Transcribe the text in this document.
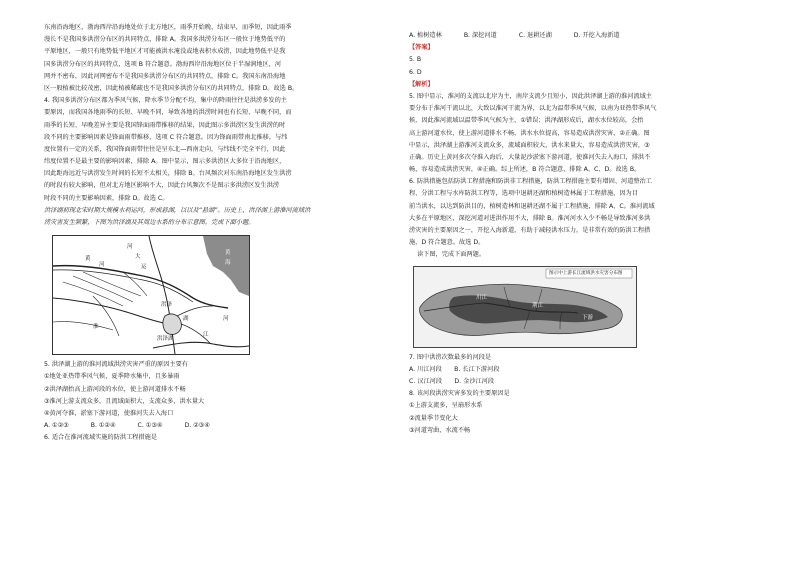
东南沿海地区，渤海西岸沿海地处位于北方地区，雨季开始晚、结束早，而季短，因此雨季
漫长不是我国多洪涝分布区的共同特点，排除 A。我国多洪涝分布区一般位于地势低平的
平原地区，一般只有地势低平地区才可能被洪水淹没或地表积水成涝，因此地势低平是我
国多洪涝分布区的共同特点，选项 B 符合题意。渤海西岸沿海地区位于半湿润地区，河
网并不密布，因此河网密布不是我国多洪涝分布区的共同特点，排除 C。我国东南沿海地
区一般植被比较茂密，因此植被稀疏也不是我国多洪涝分布区的共同特点，排除 D。故选 B。
4. 我国多洪涝分布区都为季风气候，降水季节分配不均，集中的降雨往往是洪涝多发的主
要原因，而我国各地雨季的长短、早晚不同，导致各地的洪涝时间也有长短、早晚不同，而
雨季的长短、早晚差异主要是我国锋面雨带推移的结果，因此图示多洪涝区发生洪涝的时
段不同的主要影响因素是锋面雨带推移，选项 C 符合题意。因为锋面雨带南北推移，与纬
度位置有一定的关系，我国锋面雨带往往是呈东北—西南走向，与纬线不完全平行，因此
纬度位置不是最主要的影响因素，排除 A。图中显示，图示多洪涝区大多位于沿海地区，
因此距海远近与洪涝发生时间的长短不太相关，排除 B。台风频次对东南沿海地区发生洪涝
的时段有较大影响，但对北方地区影响不大，因此台风频次不是图示多洪涝区发生洪涝
时段不同的主要影响因素，排除 D。故选 C。
洪泽湖初现北宋时期大规模水利运河，形成悬湖，以以及“悬湖”。历史上，洪泽湖上游淮河流域洪
涝灾害发生频繁，下图为洪泽湖及其周边水系的分布示意图。完成下面小题。
河
大
运
黄
河
淮
洪泽
洪泽湖
湖
江
河
黄
海
5. 洪泽湖上游的淮河流域洪涝灾害严重的原因主要有
①地处亚热带季风气候，夏季降水集中，且多暴雨
②洪泽湖抬高上游河段的水位，使上游河道排水不畅
③淮河上游支流众多，且流域面积大，支流众多，洪水量大
④黄河夺淮，淤塞下游河道，使淮河失去入海口
A. ①②③	B. ①②④	C. ①③④	D. ②③④
6. 适合在淮河流域实施的防洪工程措施是
A. 植树造林	B. 深挖河道	C. 退耕还湖	D. 开挖入海新道
【答案】
5. B
6. D
【解析】
5. 图中显示，淮河的支流以北岸为主，南岸支流少且短小，因此洪泽湖上游的淮河流域主
要分布于淮河干流以北，大致以淮河干流为界，以北为温带季风气候，以南为亚热带季风气
候，因此淮河流域以温带季风气候为主，①错误；洪泽湖形成后，湖水水位较高，会抬
高上游河道水位，使上游河道排水不畅，洪水水位提高，容易造成洪涝灾害，②正确。图
中显示，洪泽湖上游淮河支流众多，流域面积较大，洪水来量大，容易造成洪涝灾害，③
正确。历史上黄河多次夺淮入海后，大量泥沙淤塞下游河道，使淮河失去入海口，排洪不
畅，容易造成洪涝灾害，④正确。综上所述，B 符合题意，排除 A、C、D。故选 B。
6. 防洪措施包括防洪工程措施和防洪非工程措施，防洪工程措施主要有增固、河道整治工
程、分洪工程与水库防洪工程等，选项中退耕还湖和植树造林属于工程措施，因为目
前当洪水，以达到防洪目的，植树造林和退耕还湖不属于工程措施，排除 A、C。淮河流域
大多在平原地区，深挖河道对进洪作用不大，排除 B。淮河河水入少不畅是导致淮河多洪
涝灾害的主要原因之一，开挖入海新道，有助于减轻洪水压力，是非常有效的防洪工程措
施，D 符合题意。故选 D。
读下图，完成下面两题。
图示中上游长江流域洪水灾害分布图
川江
荆江
下游
7. 图中洪涝次数最多的河段是
A. 川江河段　　B. 长江下游河段
C. 汉江河段　　D. 金沙江河段
8. 该河段洪涝灾害多发的主要原因是
①上游支流多，呈扇形水系
②流量季节变化大
③河道弯曲，水流不畅
